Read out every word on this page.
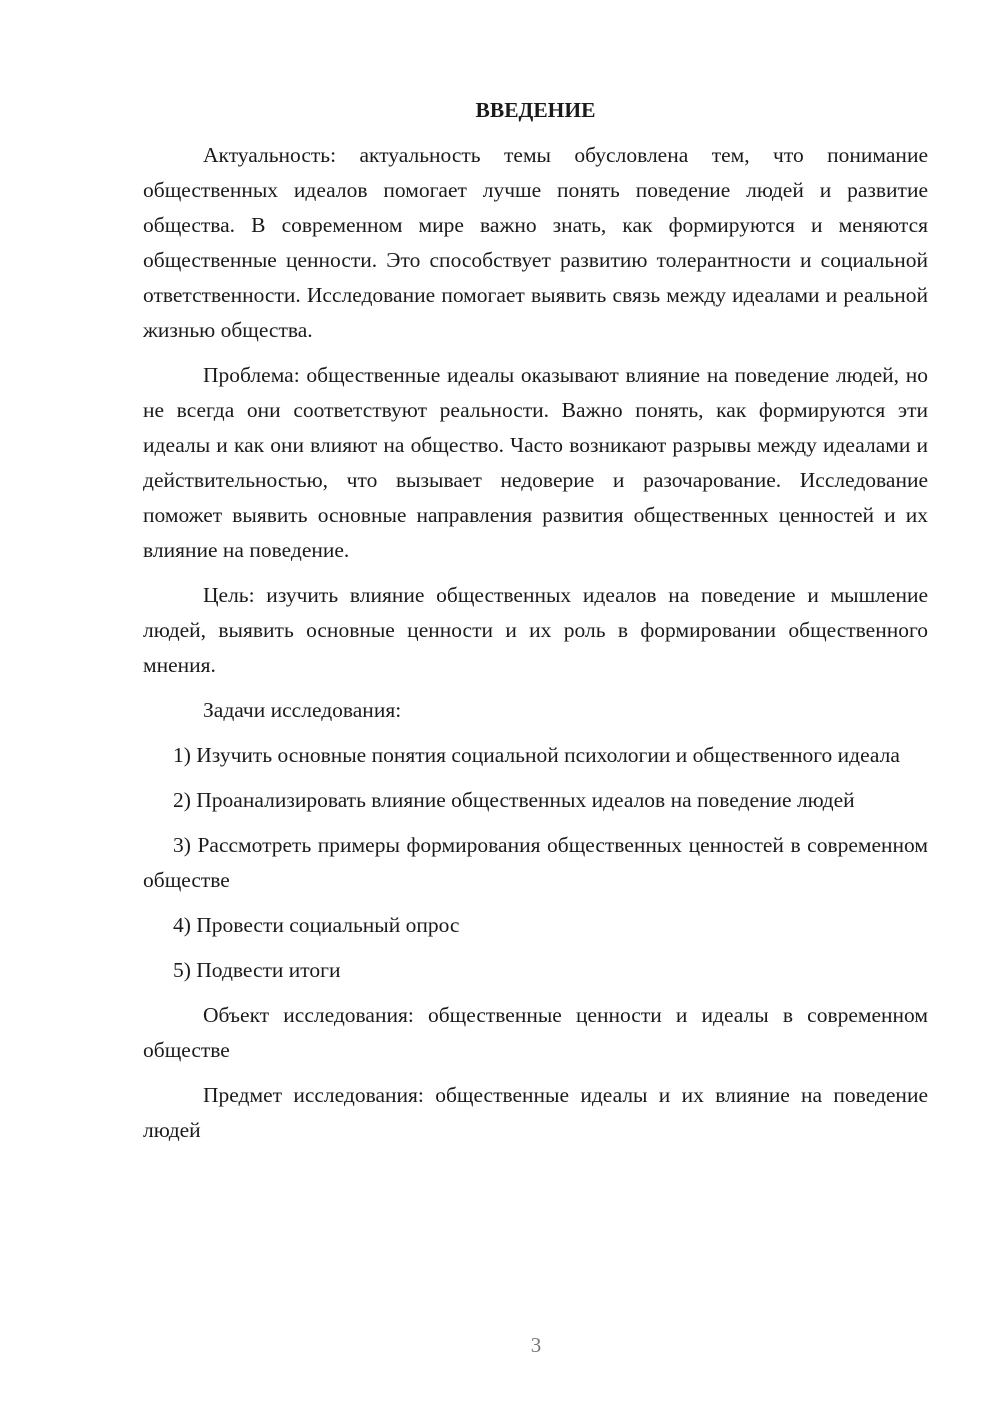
ВВЕДЕНИЕ

Актуальность: актуальность темы обусловлена тем, что понимание общественных идеалов помогает лучше понять поведение людей и развитие общества. В современном мире важно знать, как формируются и меняются общественные ценности. Это способствует развитию толерантности и социальной ответственности. Исследование помогает выявить связь между идеалами и реальной жизнью общества.

Проблема: общественные идеалы оказывают влияние на поведение людей, но не всегда они соответствуют реальности. Важно понять, как формируются эти идеалы и как они влияют на общество. Часто возникают разрывы между идеалами и действительностью, что вызывает недоверие и разочарование. Исследование поможет выявить основные направления развития общественных ценностей и их влияние на поведение.

Цель: изучить влияние общественных идеалов на поведение и мышление людей, выявить основные ценности и их роль в формировании общественного мнения.

Задачи исследования:

1) Изучить основные понятия социальной психологии и общественного идеала

2) Проанализировать влияние общественных идеалов на поведение людей

3) Рассмотреть примеры формирования общественных ценностей в современном обществе

4) Провести социальный опрос

5) Подвести итоги

Объект исследования: общественные ценности и идеалы в современном обществе

Предмет исследования: общественные идеалы и их влияние на поведение людей

3
